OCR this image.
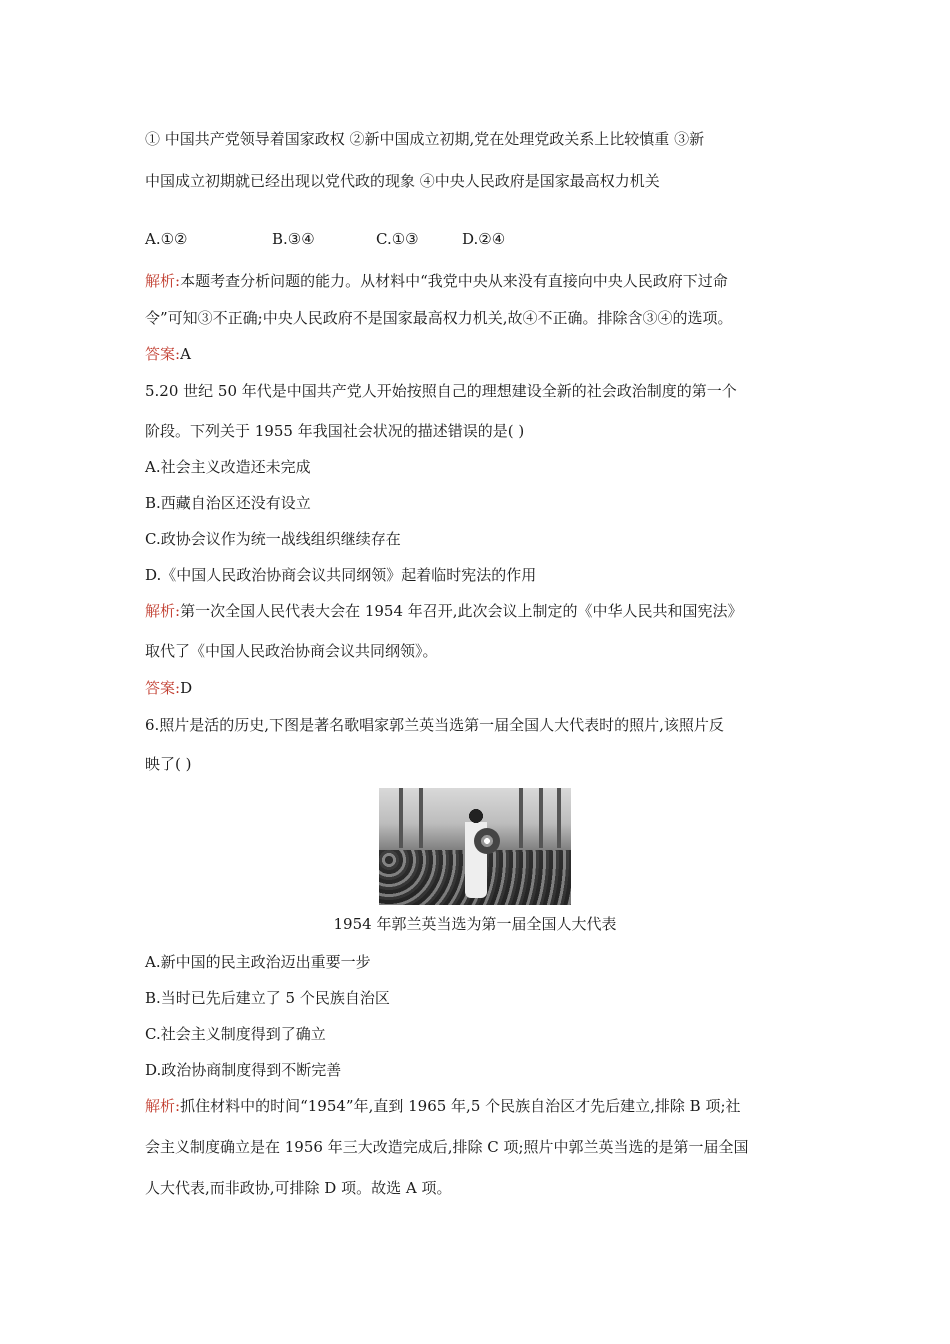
① 中国共产党领导着国家政权 ②新中国成立初期,党在处理党政关系上比较慎重 ③新
中国成立初期就已经出现以党代政的现象 ④中央人民政府是国家最高权力机关
A.①②	B.③④	C.①③	D.②④
解析:本题考查分析问题的能力。从材料中“我党中央从来没有直接向中央人民政府下过命
令”可知③不正确;中央人民政府不是国家最高权力机关,故④不正确。排除含③④的选项。
答案:A
5.20 世纪 50 年代是中国共产党人开始按照自己的理想建设全新的社会政治制度的第一个
阶段。下列关于 1955 年我国社会状况的描述错误的是( )
A.社会主义改造还未完成
B.西藏自治区还没有设立
C.政协会议作为统一战线组织继续存在
D.《中国人民政治协商会议共同纲领》起着临时宪法的作用
解析:第一次全国人民代表大会在 1954 年召开,此次会议上制定的《中华人民共和国宪法》
取代了《中国人民政治协商会议共同纲领》。
答案:D
6.照片是活的历史,下图是著名歌唱家郭兰英当选第一届全国人大代表时的照片,该照片反
映了( )
1954 年郭兰英当选为第一届全国人大代表
A.新中国的民主政治迈出重要一步
B.当时已先后建立了 5 个民族自治区
C.社会主义制度得到了确立
D.政治协商制度得到不断完善
解析:抓住材料中的时间“1954”年,直到 1965 年,5 个民族自治区才先后建立,排除 B 项;社
会主义制度确立是在 1956 年三大改造完成后,排除 C 项;照片中郭兰英当选的是第一届全国
人大代表,而非政协,可排除 D 项。故选 A 项。
